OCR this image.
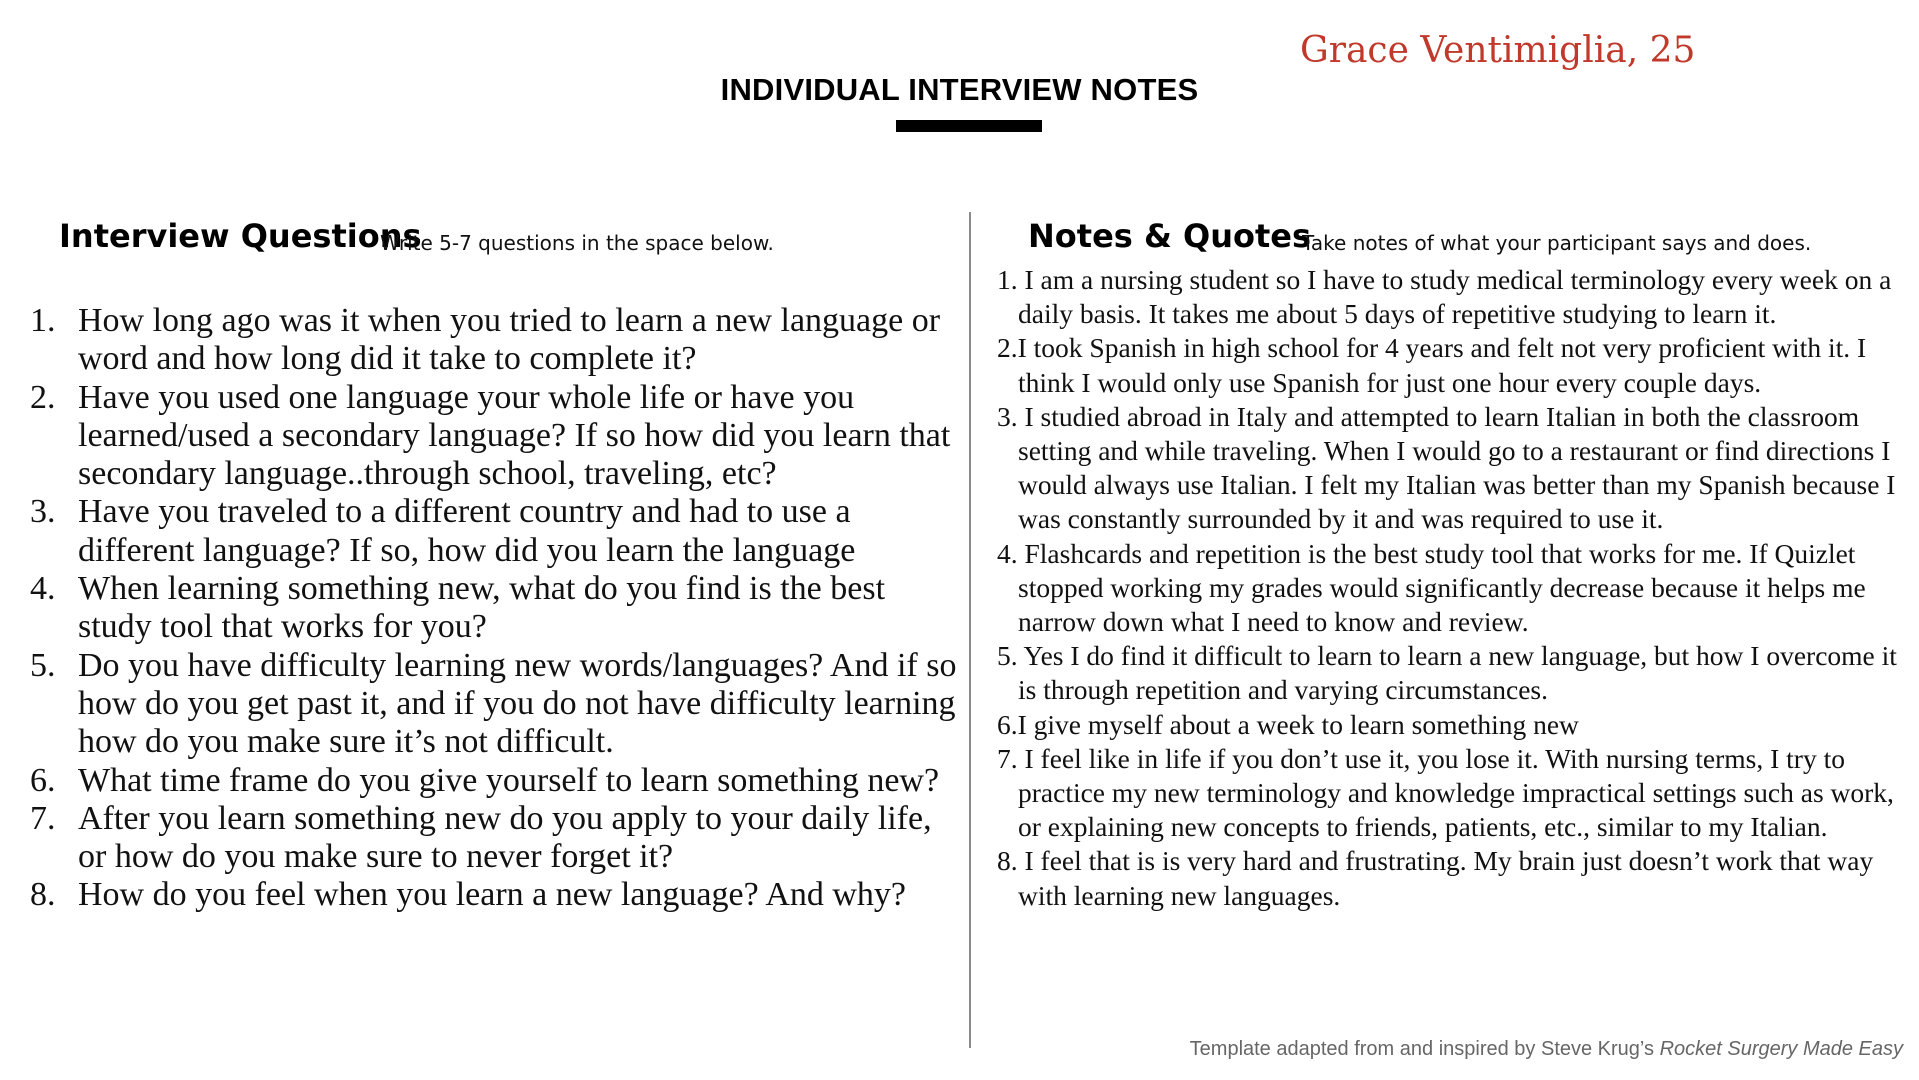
Grace Ventimiglia, 25
INDIVIDUAL INTERVIEW NOTES
Interview Questions
Write 5-7 questions in the space below.
1. How long ago was it when you tried to learn a new language or word and how long did it take to complete it?
2. Have you used one language your whole life or have you learned/used a secondary language? If so how did you learn that secondary language..through school, traveling, etc?
3. Have you traveled to a different country and had to use a different language? If so, how did you learn the language
4. When learning something new, what do you find is the best study tool that works for you?
5. Do you have difficulty learning new words/languages? And if so how do you get past it, and if you do not have difficulty learning how do you make sure it’s not difficult.
6. What time frame do you give yourself to learn something new?
7. After you learn something new do you apply to your daily life, or how do you make sure to never forget it?
8. How do you feel when you learn a new language? And why?
Notes & Quotes
Take notes of what your participant says and does.
1. I am a nursing student so I have to study medical terminology every week on a daily basis. It takes me about 5 days of repetitive studying to learn it.
2.I took Spanish in high school for 4 years and felt not very proficient with it. I think I would only use Spanish for just one hour every couple days.
3. I studied abroad in Italy and attempted to learn Italian in both the classroom setting and while traveling. When I would go to a restaurant or find directions I would always use Italian. I felt my Italian was better than my Spanish because I was constantly surrounded by it and was required to use it.
4. Flashcards and repetition is the best study tool that works for me. If Quizlet stopped working my grades would significantly decrease because it helps me narrow down what I need to know and review.
5. Yes I do find it difficult to learn to learn a new language, but how I overcome it is through repetition and varying circumstances.
6.I give myself about a week to learn something new
7. I feel like in life if you don’t use it, you lose it. With nursing terms, I try to practice my new terminology and knowledge impractical settings such as work, or explaining new concepts to friends, patients, etc., similar to my Italian.
8. I feel that is is very hard and frustrating. My brain just doesn’t work that way with learning new languages.
Template adapted from and inspired by Steve Krug’s Rocket Surgery Made Easy
